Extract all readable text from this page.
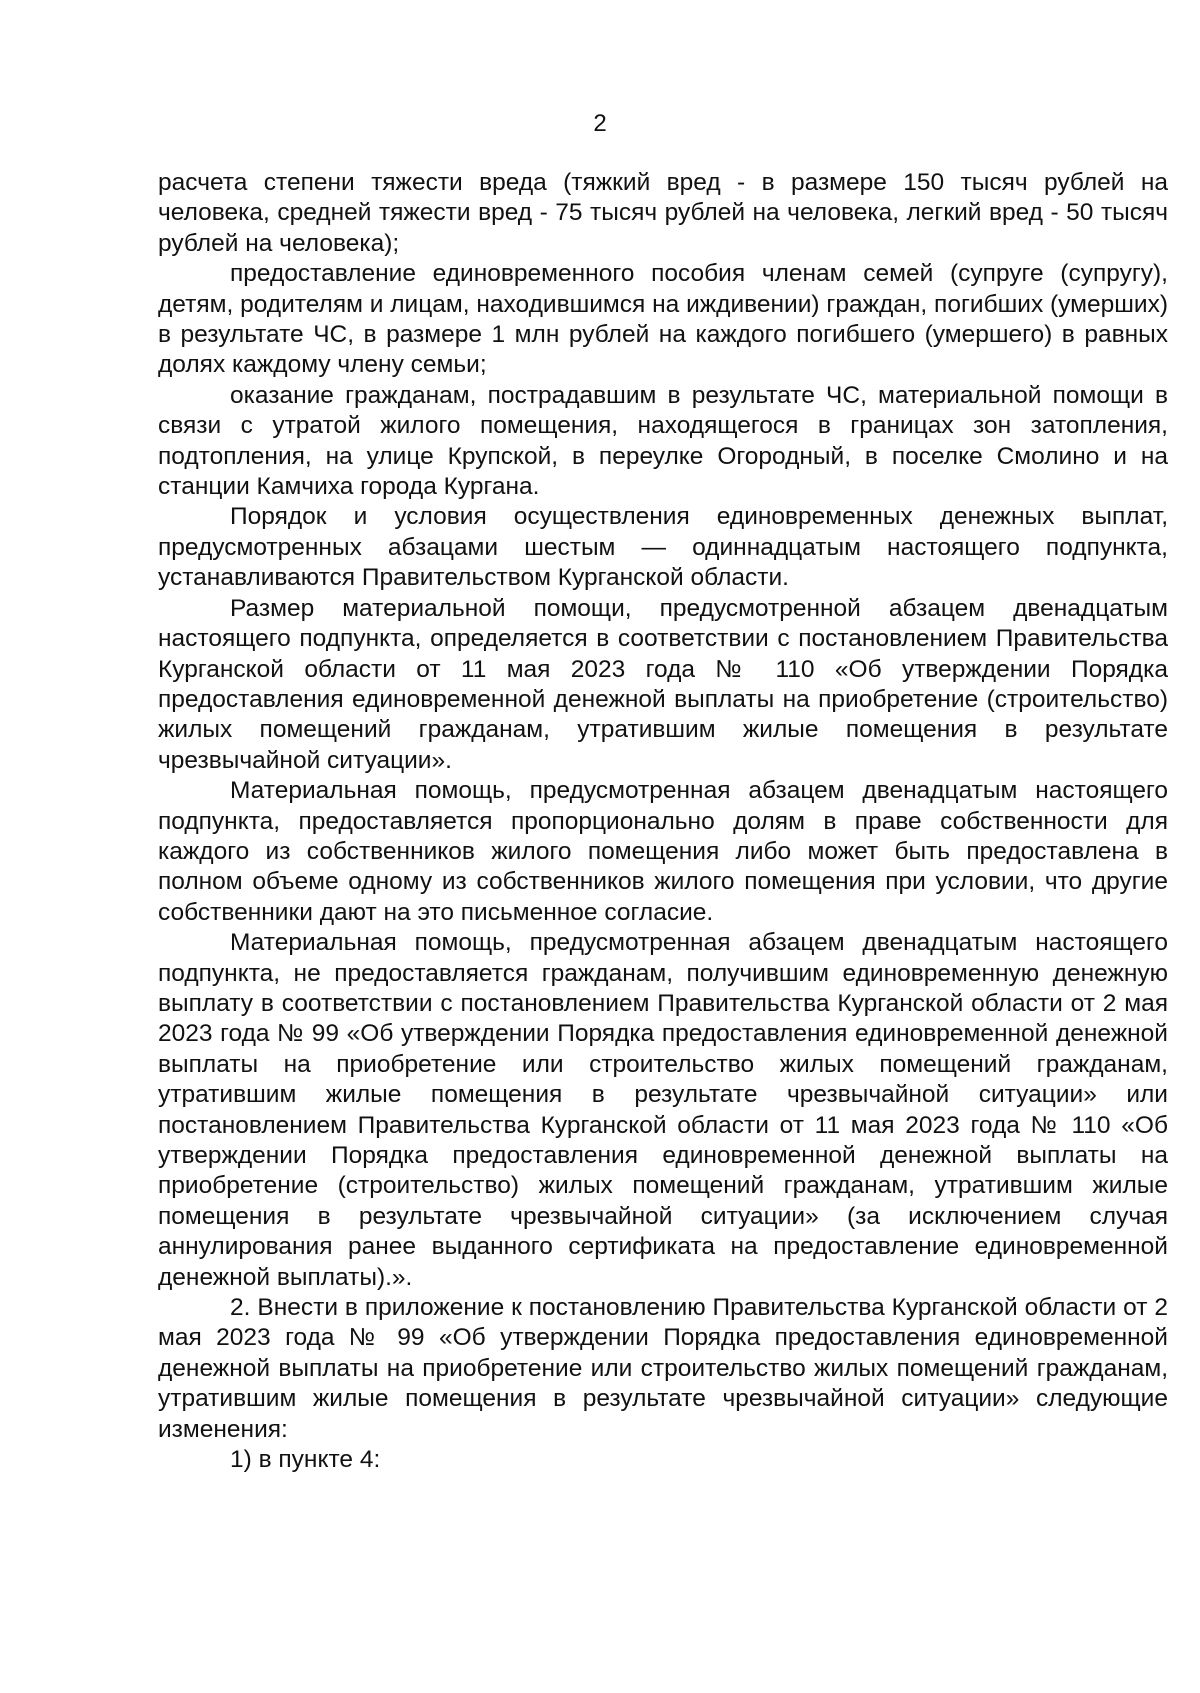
2

расчета степени тяжести вреда (тяжкий вред - в размере 150 тысяч рублей на человека, средней тяжести вред - 75 тысяч рублей на человека, легкий вред - 50 тысяч рублей на человека);

предоставление единовременного пособия членам семей (супруге (супругу), детям, родителям и лицам, находившимся на иждивении) граждан, погибших (умерших) в результате ЧС, в размере 1 млн рублей на каждого погибшего (умершего) в равных долях каждому члену семьи;

оказание гражданам, пострадавшим в результате ЧС, материальной помощи в связи с утратой жилого помещения, находящегося в границах зон затопления, подтопления, на улице Крупской, в переулке Огородный, в поселке Смолино и на станции Камчиха города Кургана.

Порядок и условия осуществления единовременных денежных выплат, предусмотренных абзацами шестым — одиннадцатым настоящего подпункта, устанавливаются Правительством Курганской области.

Размер материальной помощи, предусмотренной абзацем двенадцатым настоящего подпункта, определяется в соответствии с постановлением Правительства Курганской области от 11 мая 2023 года № 110 «Об утверждении Порядка предоставления единовременной денежной выплаты на приобретение (строительство) жилых помещений гражданам, утратившим жилые помещения в результате чрезвычайной ситуации».

Материальная помощь, предусмотренная абзацем двенадцатым настоящего подпункта, предоставляется пропорционально долям в праве собственности для каждого из собственников жилого помещения либо может быть предоставлена в полном объеме одному из собственников жилого помещения при условии, что другие собственники дают на это письменное согласие.

Материальная помощь, предусмотренная абзацем двенадцатым настоящего подпункта, не предоставляется гражданам, получившим единовременную денежную выплату в соответствии с постановлением Правительства Курганской области от 2 мая 2023 года № 99 «Об утверждении Порядка предоставления единовременной денежной выплаты на приобретение или строительство жилых помещений гражданам, утратившим жилые помещения в результате чрезвычайной ситуации» или постановлением Правительства Курганской области от 11 мая 2023 года № 110 «Об утверждении Порядка предоставления единовременной денежной выплаты на приобретение (строительство) жилых помещений гражданам, утратившим жилые помещения в результате чрезвычайной ситуации» (за исключением случая аннулирования ранее выданного сертификата на предоставление единовременной денежной выплаты).».

2. Внести в приложение к постановлению Правительства Курганской области от 2 мая 2023 года № 99 «Об утверждении Порядка предоставления единовременной денежной выплаты на приобретение или строительство жилых помещений гражданам, утратившим жилые помещения в результате чрезвычайной ситуации» следующие изменения:

1) в пункте 4:
